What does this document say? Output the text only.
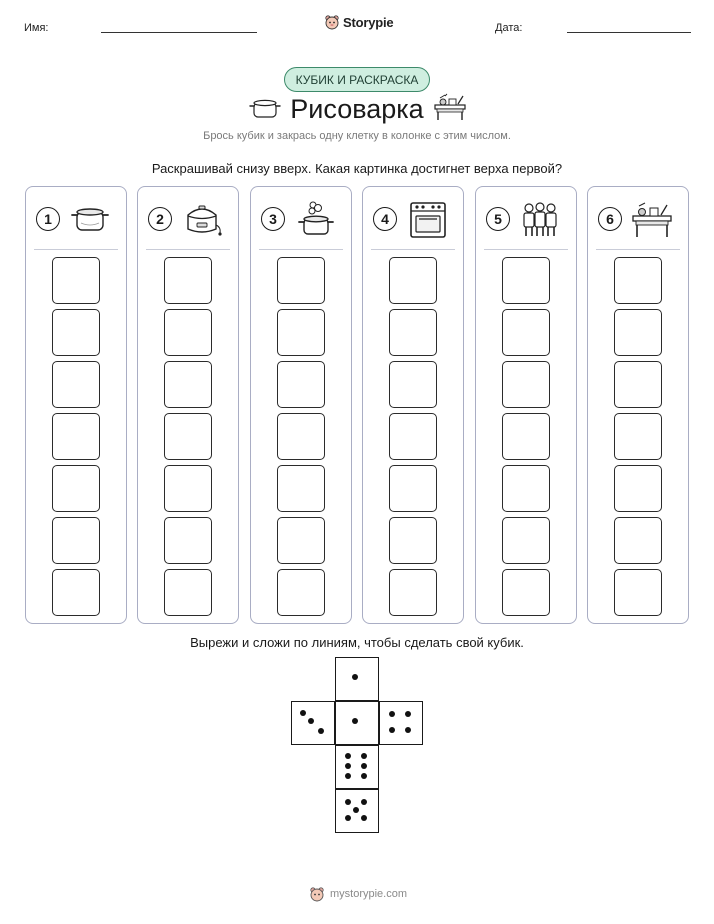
Имя:	Storypie	Дата:
КУБИК И РАСКРАСКА
Рисоварка
Брось кубик и закрась одну клетку в колонке с этим числом.
Раскрашивай снизу вверх. Какая картинка достигнет верха первой?
1	2	3	4	5	6
Вырежи и сложи по линиям, чтобы сделать свой кубик.
mystorypie.com
